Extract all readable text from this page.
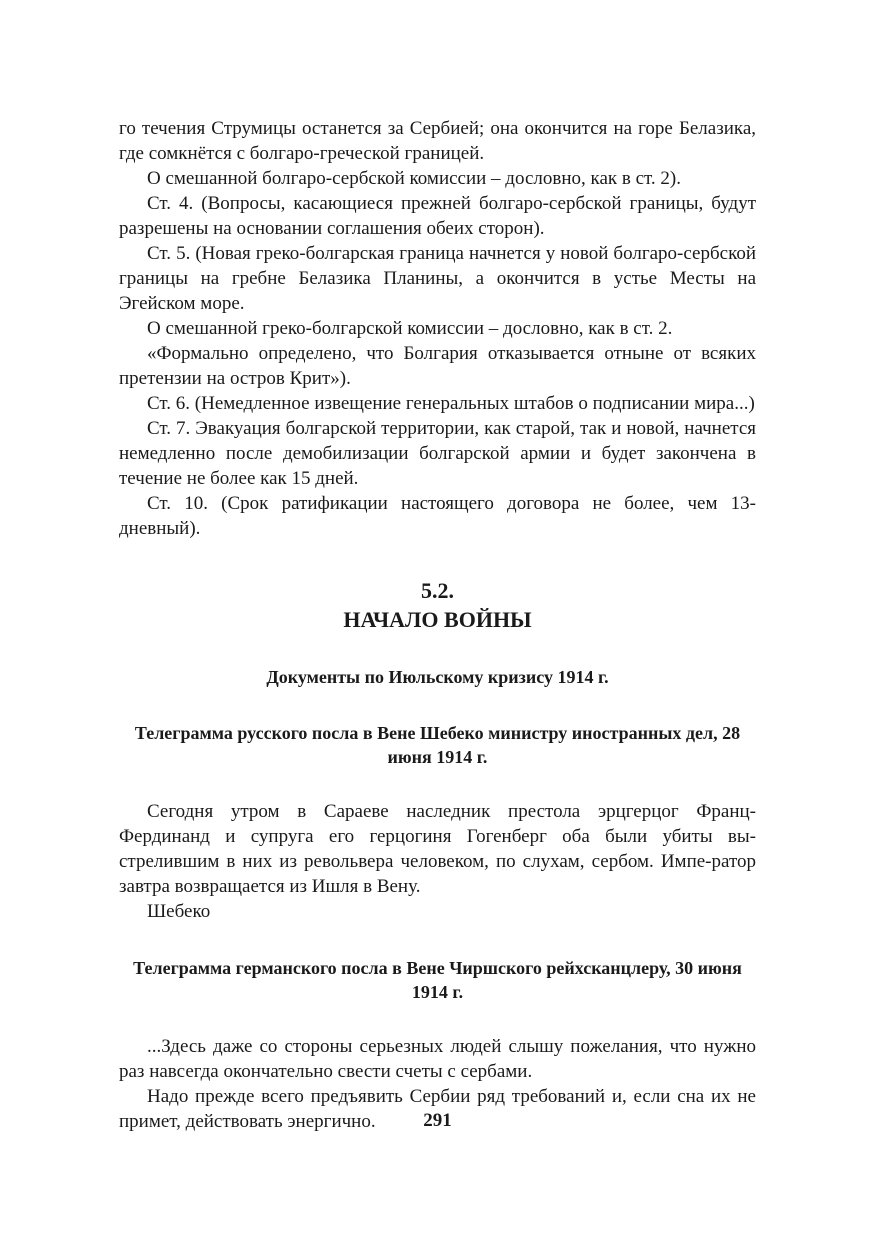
го течения Струмицы останется за Сербией; она окончится на горе Белазика, где сомкнётся с болгаро-греческой границей.

О смешанной болгаро-сербской комиссии – дословно, как в ст. 2).

Ст. 4. (Вопросы, касающиеся прежней болгаро-сербской границы, будут разрешены на основании соглашения обеих сторон).

Ст. 5. (Новая греко-болгарская граница начнется у новой болгаро-сербской границы на гребне Белазика Планины, а окончится в устье Месты на Эгейском море.

О смешанной греко-болгарской комиссии – дословно, как в ст. 2.

«Формально определено, что Болгария отказывается отныне от всяких претензии на остров Крит»).

Ст. 6. (Немедленное извещение генеральных штабов о подписании мира...)

Ст. 7. Эвакуация болгарской территории, как старой, так и новой, начнется немедленно после демобилизации болгарской армии и будет закончена в течение не более как 15 дней.

Ст. 10. (Срок ратификации настоящего договора не более, чем 13-дневный).

5.2.
НАЧАЛО ВОЙНЫ
Документы по Июльскому кризису 1914 г.
Телеграмма русского посла в Вене Шебеко министру иностранных дел, 28 июня 1914 г.

Сегодня утром в Сараеве наследник престола эрцгерцог Франц-Фердинанд и супруга его герцогиня Гогенберг оба были убиты вы-стрелившим в них из револьвера человеком, по слухам, сербом. Импе-ратор завтра возвращается из Ишля в Вену.

Шебеко

Телеграмма германского посла в Вене Чиршского рейхсканцлеру, 30 июня 1914 г.

...Здесь даже со стороны серьезных людей слышу пожелания, что нужно раз навсегда окончательно свести счеты с сербами.

Надо прежде всего предъявить Сербии ряд требований и, если сна их не примет, действовать энергично.	291
